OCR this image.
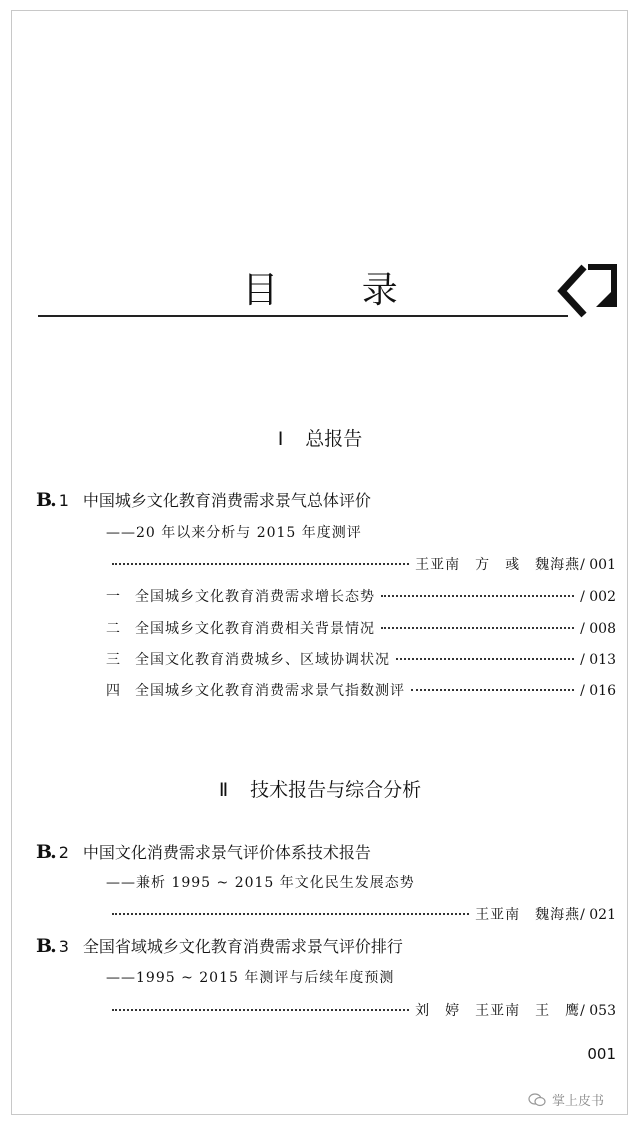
目 录
Ⅰ 总报告
B. 1 中国城乡文化教育消费需求景气总体评价
——20 年以来分析与 2015 年度测评
王亚南　方　彧　魏海燕 / 001
一 全国城乡文化教育消费需求增长态势	/ 002
二 全国城乡文化教育消费相关背景情况	/ 008
三 全国文化教育消费城乡、区域协调状况	/ 013
四 全国城乡文化教育消费需求景气指数测评	/ 016
Ⅱ 技术报告与综合分析
B. 2 中国文化消费需求景气评价体系技术报告
——兼析 1995 ~ 2015 年文化民生发展态势
王亚南　魏海燕 / 021
B. 3 全国省域城乡文化教育消费需求景气评价排行
——1995 ~ 2015 年测评与后续年度预测
刘　婷　王亚南　王　鹰 / 053
001
掌上皮书
